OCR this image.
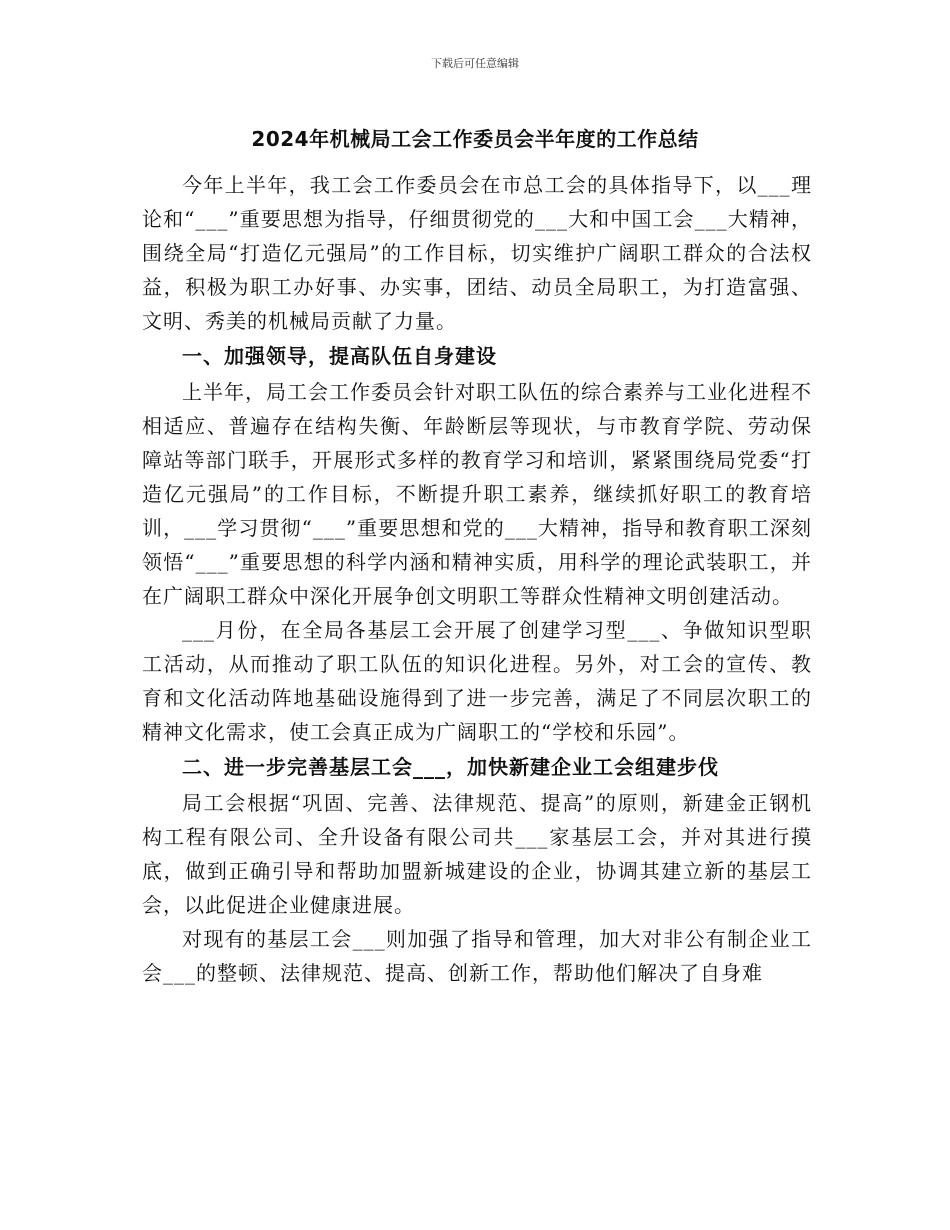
下载后可任意编辑
2024年机械局工会工作委员会半年度的工作总结

今年上半年，我工会工作委员会在市总工会的具体指导下，以___理论和“___”重要思想为指导，仔细贯彻党的___大和中国工会___大精神，围绕全局“打造亿元强局”的工作目标，切实维护广阔职工群众的合法权益，积极为职工办好事、办实事，团结、动员全局职工，为打造富强、文明、秀美的机械局贡献了力量。

一、加强领导，提高队伍自身建设

上半年，局工会工作委员会针对职工队伍的综合素养与工业化进程不相适应、普遍存在结构失衡、年龄断层等现状，与市教育学院、劳动保障站等部门联手，开展形式多样的教育学习和培训，紧紧围绕局党委“打造亿元强局”的工作目标，不断提升职工素养，继续抓好职工的教育培训，___学习贯彻“___”重要思想和党的___大精神，指导和教育职工深刻领悟“___”重要思想的科学内涵和精神实质，用科学的理论武装职工，并在广阔职工群众中深化开展争创文明职工等群众性精神文明创建活动。

___月份，在全局各基层工会开展了创建学习型___、争做知识型职工活动，从而推动了职工队伍的知识化进程。另外，对工会的宣传、教育和文化活动阵地基础设施得到了进一步完善，满足了不同层次职工的精神文化需求，使工会真正成为广阔职工的“学校和乐园”。

二、进一步完善基层工会___，加快新建企业工会组建步伐

局工会根据“巩固、完善、法律规范、提高”的原则，新建金正钢机构工程有限公司、全升设备有限公司共___家基层工会，并对其进行摸底，做到正确引导和帮助加盟新城建设的企业，协调其建立新的基层工会，以此促进企业健康进展。

对现有的基层工会___则加强了指导和管理，加大对非公有制企业工会___的整顿、法律规范、提高、创新工作，帮助他们解决了自身难
